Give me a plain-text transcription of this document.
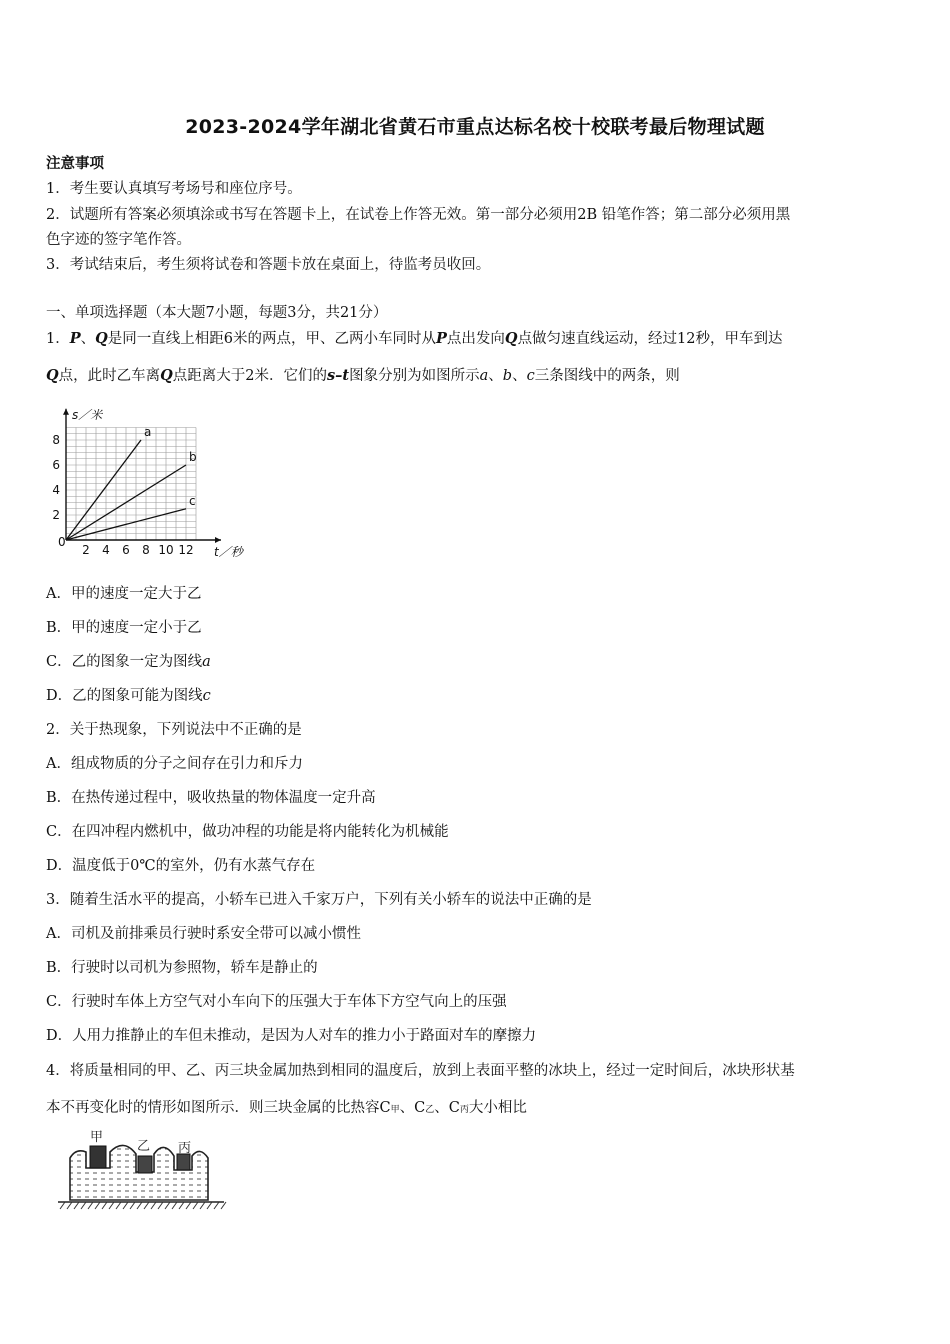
2023-2024学年湖北省黄石市重点达标名校十校联考最后物理试题
注意事项
1．考生要认真填写考场号和座位序号。
2．试题所有答案必须填涂或书写在答题卡上，在试卷上作答无效。第一部分必须用2B 铅笔作答；第二部分必须用黑
色字迹的签字笔作答。
3．考试结束后，考生须将试卷和答题卡放在桌面上，待监考员收回。
一、单项选择题（本大题7小题，每题3分，共21分）
1．P、Q是同一直线上相距6米的两点，甲、乙两小车同时从P点出发向Q点做匀速直线运动，经过12秒，甲车到达
Q点，此时乙车离Q点距离大于2米．它们的s–t图象分别为如图所示a、b、c三条图线中的两条，则
2 4 6 8 10 12
2
4
6
8
0
s／米
t／秒
a
b
c
A．甲的速度一定大于乙
B．甲的速度一定小于乙
C．乙的图象一定为图线a
D．乙的图象可能为图线c
2．关于热现象，下列说法中不正确的是
A．组成物质的分子之间存在引力和斥力
B．在热传递过程中，吸收热量的物体温度一定升高
C．在四冲程内燃机中，做功冲程的功能是将内能转化为机械能
D．温度低于0℃的室外，仍有水蒸气存在
3．随着生活水平的提高，小轿车已进入千家万户，下列有关小轿车的说法中正确的是
A．司机及前排乘员行驶时系安全带可以减小惯性
B．行驶时以司机为参照物，轿车是静止的
C．行驶时车体上方空气对小车向下的压强大于车体下方空气向上的压强
D．人用力推静止的车但未推动，是因为人对车的推力小于路面对车的摩擦力
4．将质量相同的甲、乙、丙三块金属加热到相同的温度后，放到上表面平整的冰块上，经过一定时间后，冰块形状基
本不再变化时的情形如图所示．则三块金属的比热容C甲、C乙、C丙大小相比
甲
乙 丙
